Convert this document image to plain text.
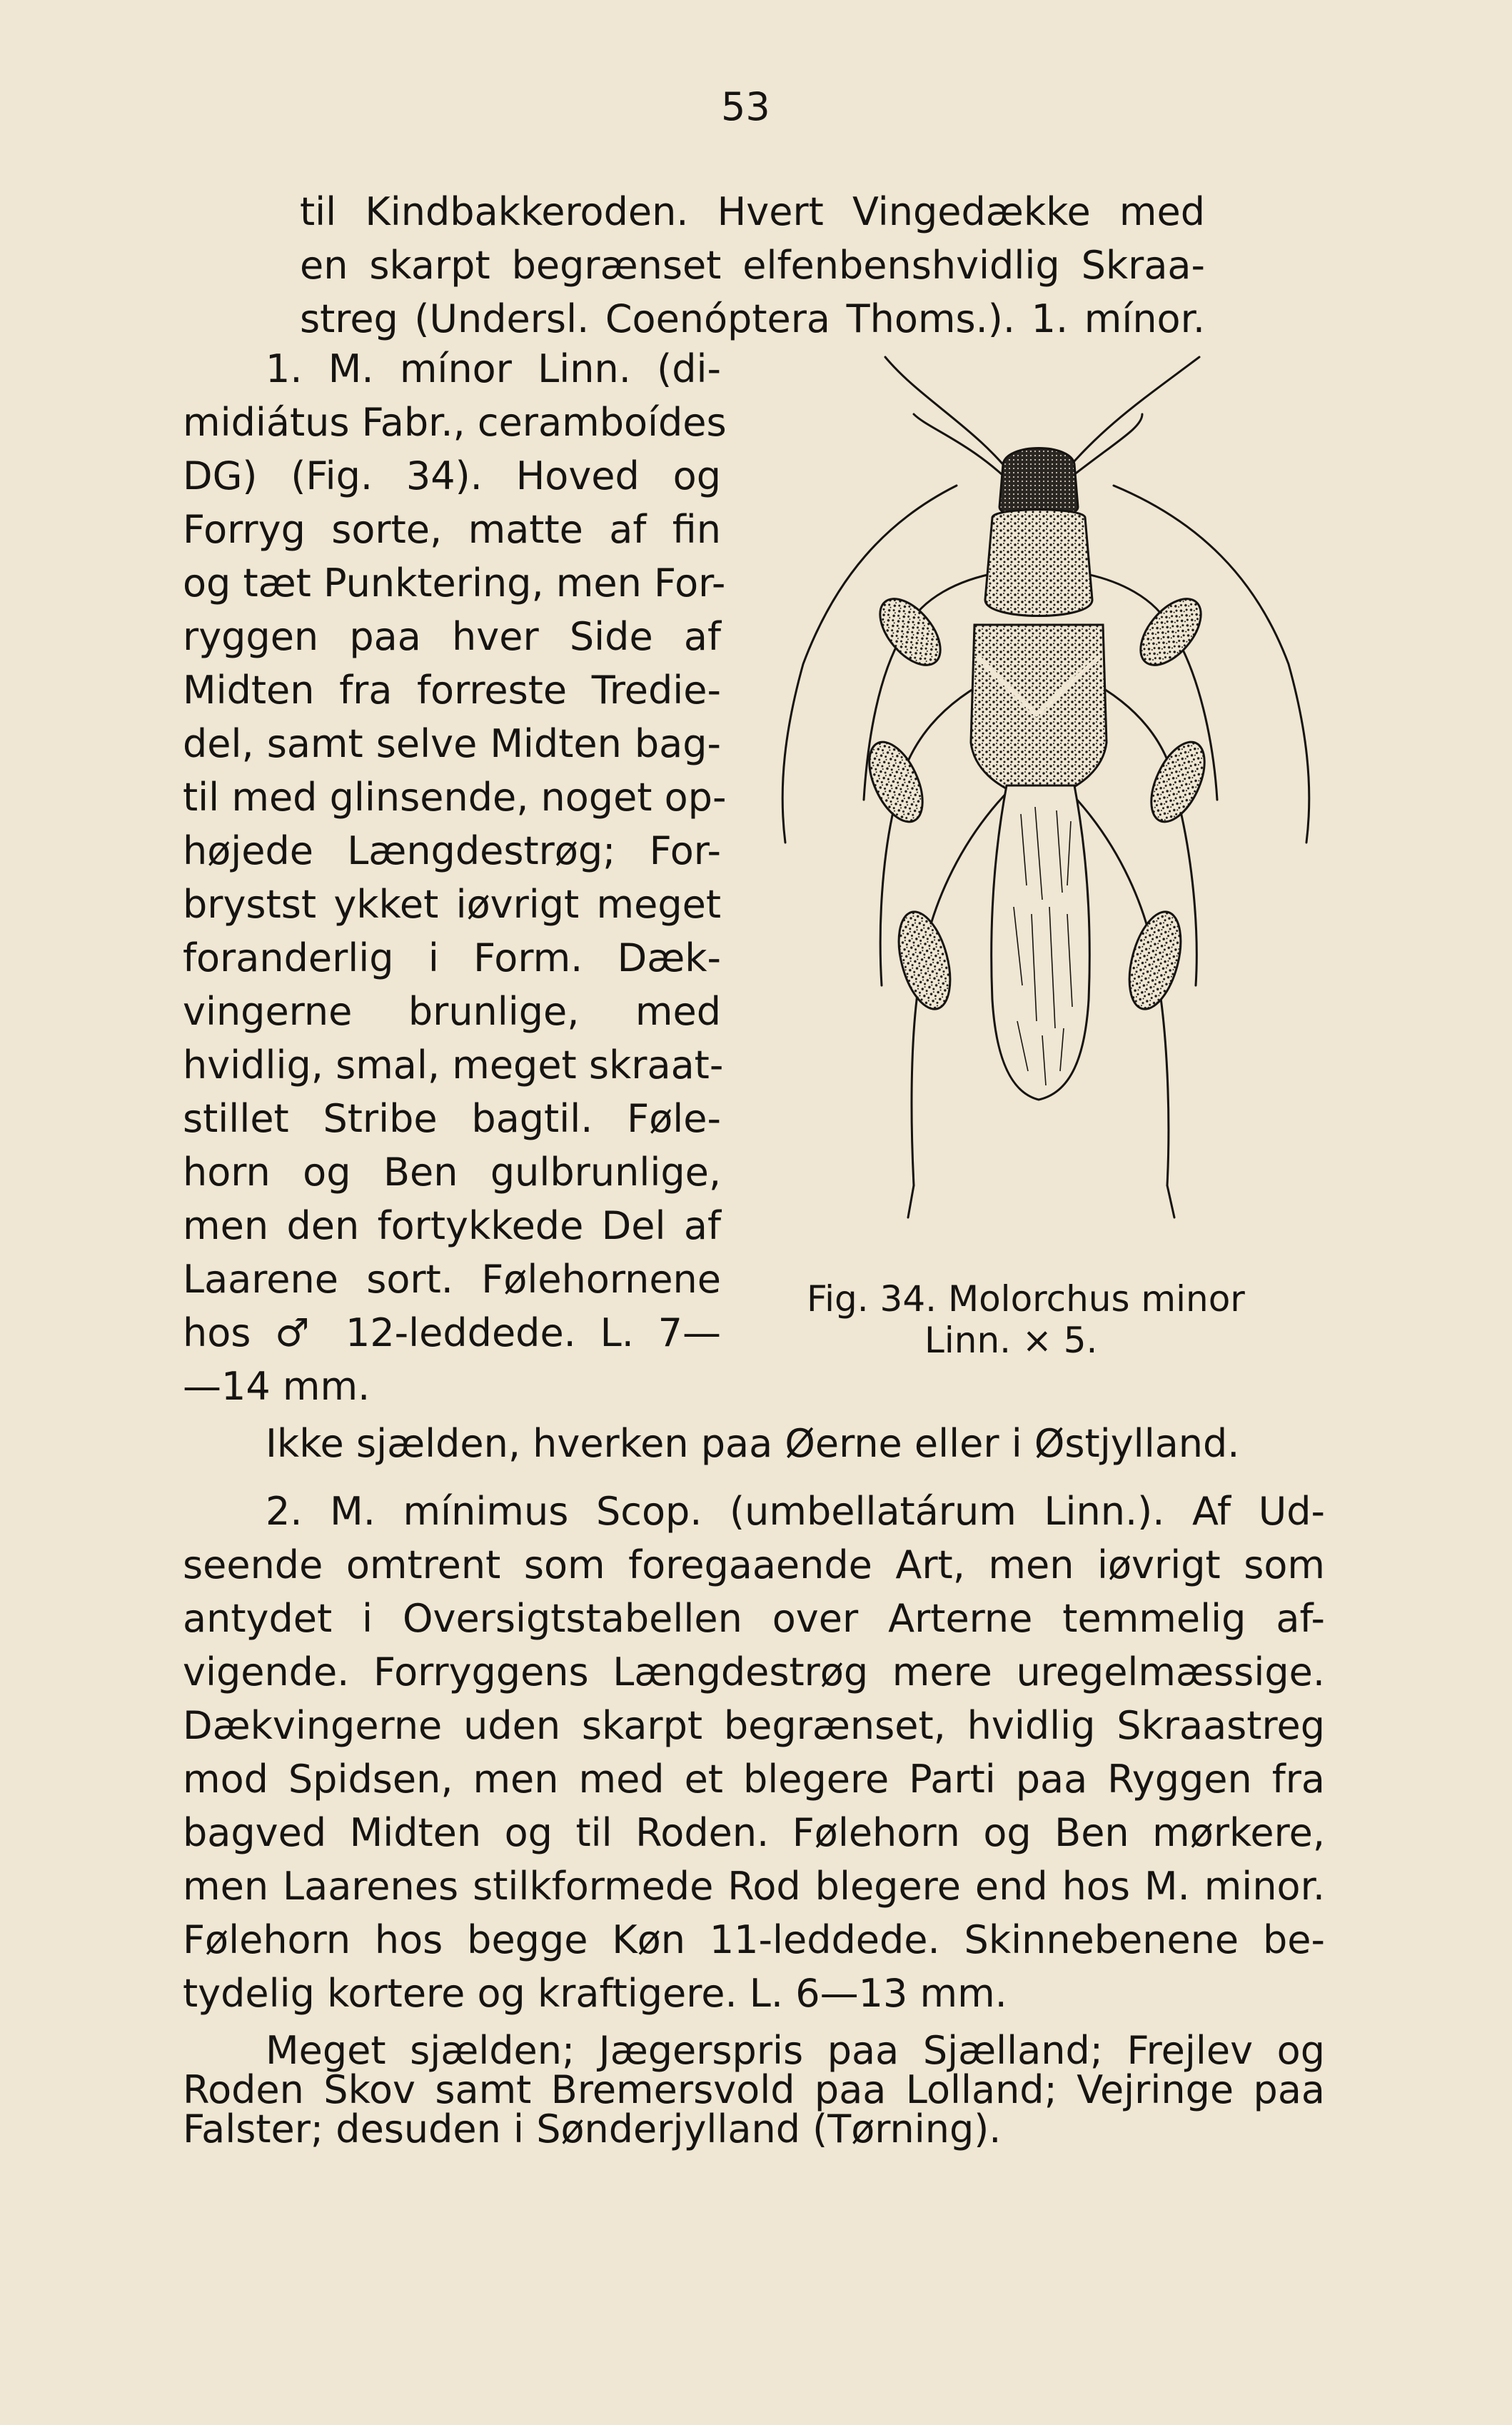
53
til Kindbakkeroden. Hvert Vingedække med
en skarpt begrænset elfenbenshvidlig Skraa-
streg (Undersl. Coenóptera Thoms.). 1. mínor.
1. M. mínor Linn. (di-
midiátus Fabr., ceramboídes
DG) (Fig. 34). Hoved og
Forryg sorte, matte af fin
og tæt Punktering, men For-
ryggen paa hver Side af
Midten fra forreste Tredie-
del, samt selve Midten bag-
til med glinsende, noget op-
højede Længdestrøg; For-
brystst ykket iøvrigt meget
foranderlig i Form. Dæk-
vingerne brunlige, med
hvidlig, smal, meget skraat-
stillet Stribe bagtil. Føle-
horn og Ben gulbrunlige,
men den fortykkede Del af
Laarene sort. Følehornene
hos ♂ 12-leddede. L. 7—
—14 mm.
Ikke sjælden, hverken paa Øerne eller i Østjylland.
Fig. 34. Molorchus minor
Linn. × 5.
2. M. mínimus Scop. (umbellatárum Linn.). Af Ud-
seende omtrent som foregaaende Art, men iøvrigt som
antydet i Oversigtstabellen over Arterne temmelig af-
vigende. Forryggens Længdestrøg mere uregelmæssige.
Dækvingerne uden skarpt begrænset, hvidlig Skraastreg
mod Spidsen, men med et blegere Parti paa Ryggen fra
bagved Midten og til Roden. Følehorn og Ben mørkere,
men Laarenes stilkformede Rod blegere end hos M. minor.
Følehorn hos begge Køn 11-leddede. Skinnebenene be-
tydelig kortere og kraftigere. L. 6—13 mm.
Meget sjælden; Jægerspris paa Sjælland; Frejlev og
Roden Skov samt Bremersvold paa Lolland; Vejringe paa
Falster; desuden i Sønderjylland (Tørning).
